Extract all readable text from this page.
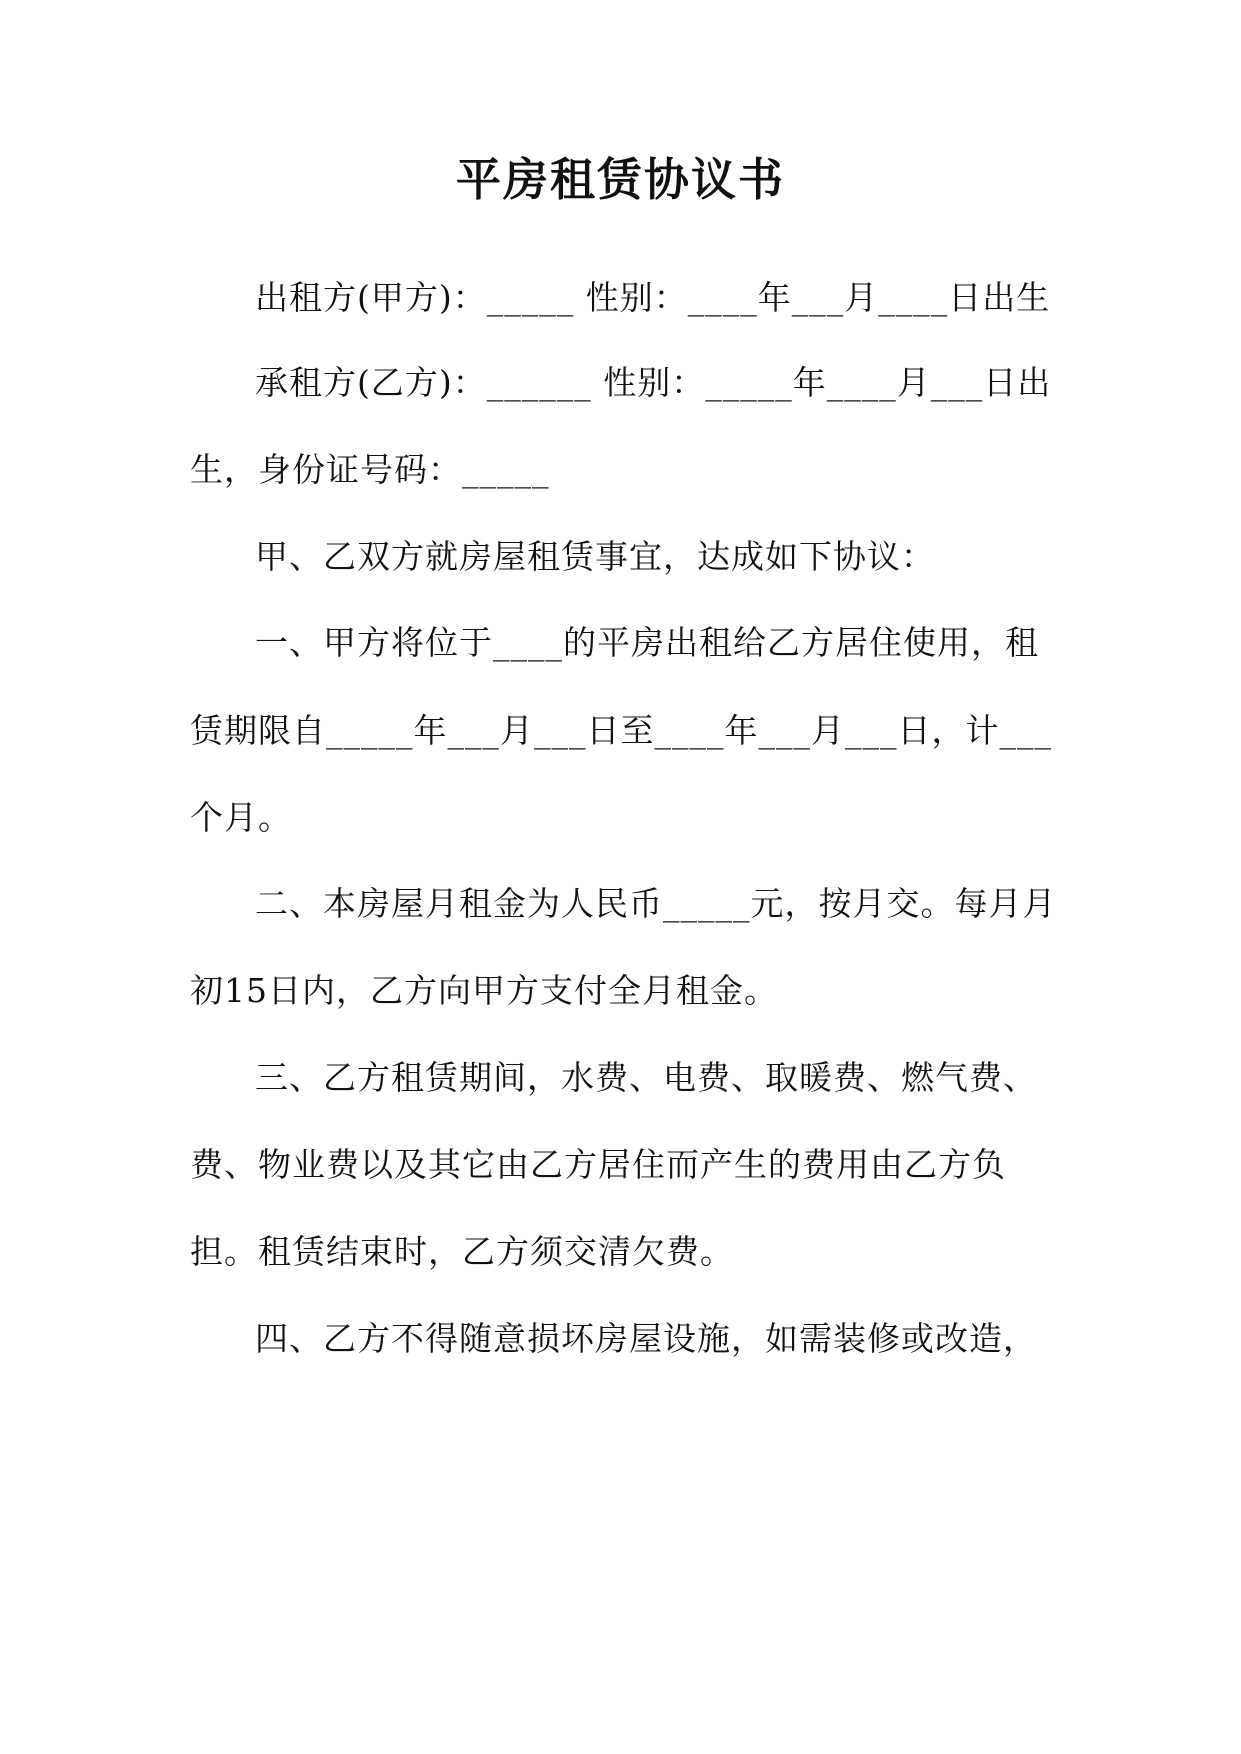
平房租赁协议书
出租方(甲方)：_____ 性别：____年___月____日出生
承租方(乙方)：______ 性别：_____年____月___日出
生，身份证号码：_____
甲、乙双方就房屋租赁事宜，达成如下协议：
一、甲方将位于____的平房出租给乙方居住使用，租
赁期限自_____年___月___日至____年___月___日，计___
个月。
二、本房屋月租金为人民币_____元，按月交。每月月
初15日内，乙方向甲方支付全月租金。
三、乙方租赁期间，水费、电费、取暖费、燃气费、
费、物业费以及其它由乙方居住而产生的费用由乙方负
担。租赁结束时，乙方须交清欠费。
四、乙方不得随意损坏房屋设施，如需装修或改造，
